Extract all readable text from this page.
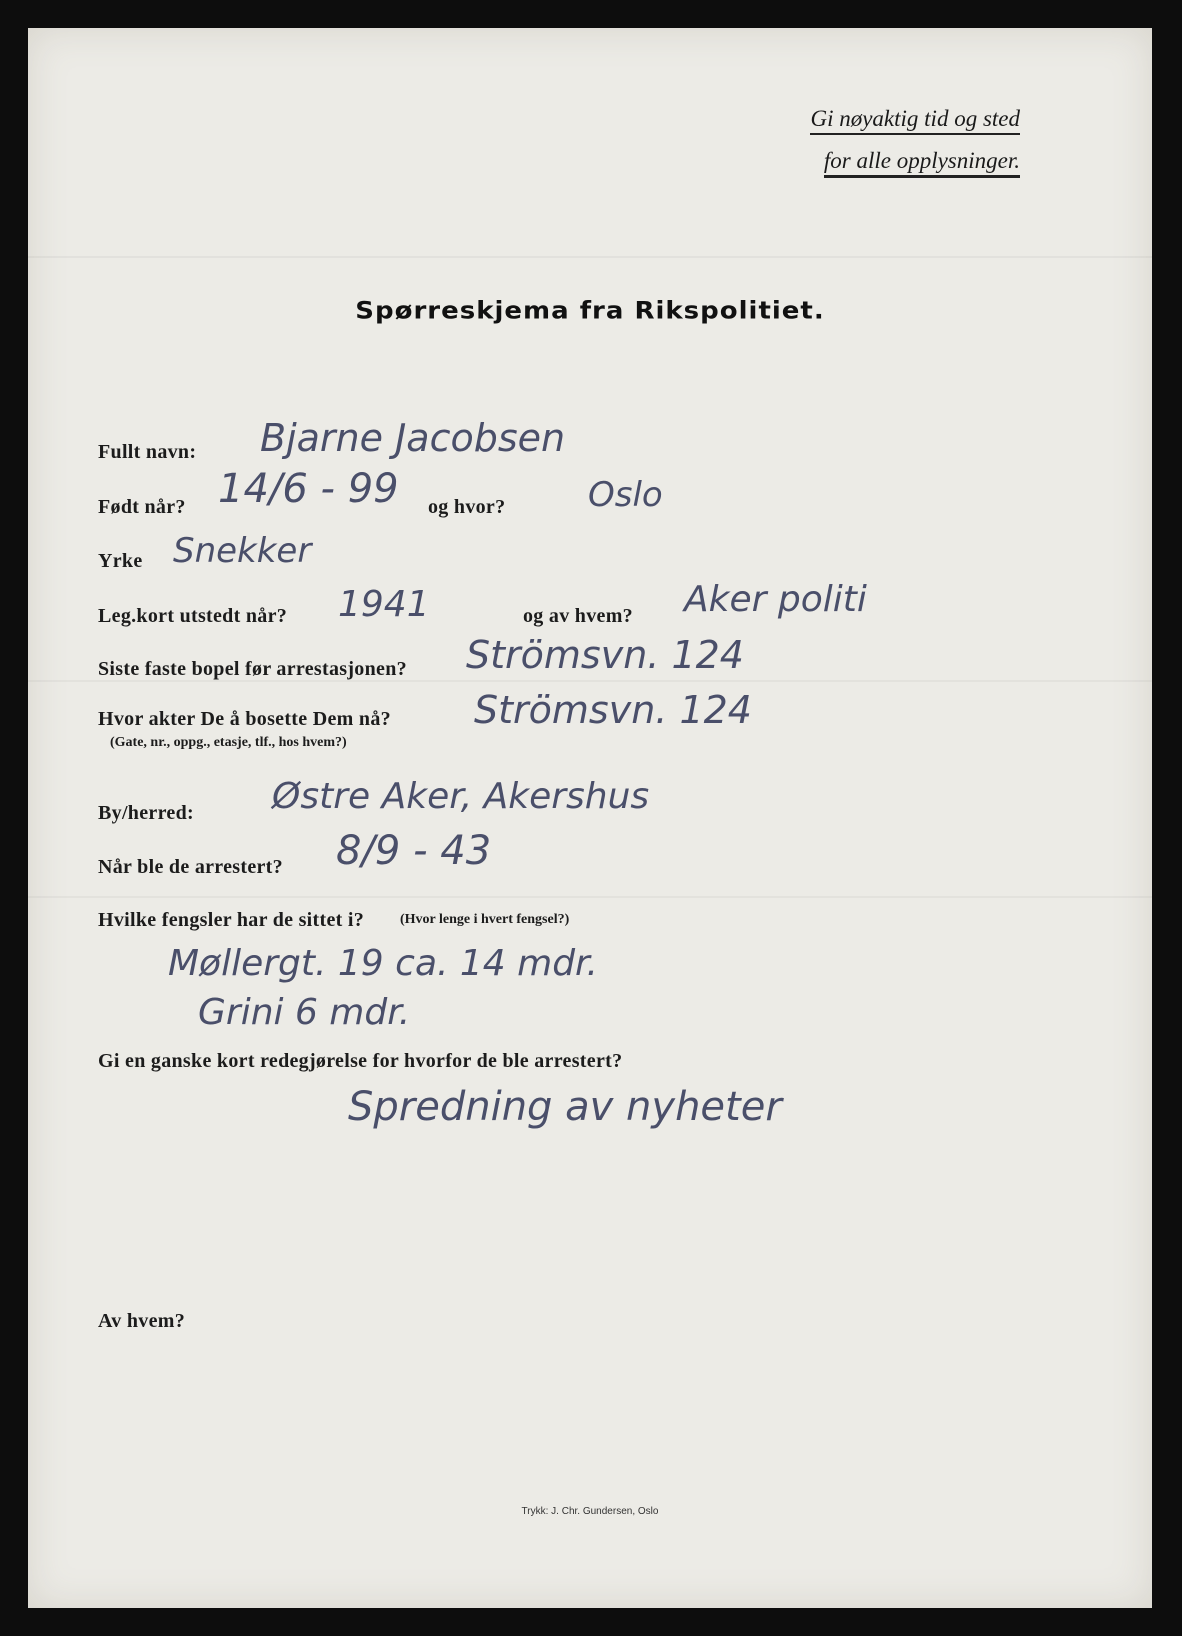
Gi nøyaktig tid og sted
for alle opplysninger.
Spørreskjema fra Rikspolitiet.
Fullt navn: Bjarne Jacobsen
Født når? 14/6 - 99 og hvor? Oslo
Yrke Snekker
Leg.kort utstedt når? 1941	og av hvem? Aker politi
Siste faste bopel før arrestasjonen? Strömsvn. 124
Hvor akter De å bosette Dem nå?
(Gate, nr., oppg., etasje, tlf., hos hvem?)
Strömsvn. 124
By/herred: Østre Aker, Akershus
Når ble de arrestert? 8/9 - 43
Hvilke fengsler har de sittet i?	(Hvor lenge i hvert fengsel?)
Møllergt. 19 ca. 14 mdr.
Grini 6 mdr.
Gi en ganske kort redegjørelse for hvorfor de ble arrestert?
Spredning av nyheter
Av hvem?
Trykk: J. Chr. Gundersen, Oslo
